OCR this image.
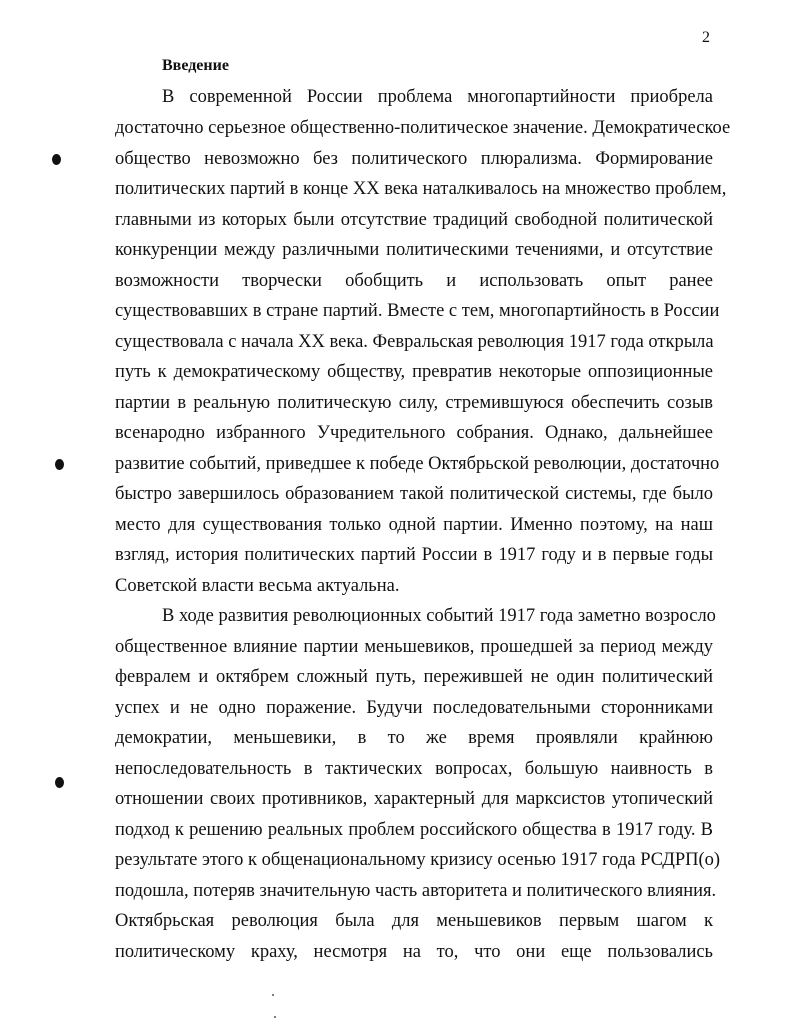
2
Введение
В современной России проблема многопартийности приобрела
достаточно серьезное общественно-политическое значение. Демократическое
общество невозможно без политического плюрализма. Формирование
политических партий в конце XX века наталкивалось на множество проблем,
главными из которых были отсутствие традиций свободной политической
конкуренции между различными политическими течениями, и отсутствие
возможности творчески обобщить и использовать опыт ранее
существовавших в стране партий. Вместе с тем, многопартийность в России
существовала с начала XX века. Февральская революция 1917 года открыла
путь к демократическому обществу, превратив некоторые оппозиционные
партии в реальную политическую силу, стремившуюся обеспечить созыв
всенародно избранного Учредительного собрания. Однако, дальнейшее
развитие событий, приведшее к победе Октябрьской революции, достаточно
быстро завершилось образованием такой политической системы, где было
место для существования только одной партии. Именно поэтому, на наш
взгляд, история политических партий России в 1917 году и в первые годы
Советской власти весьма актуальна.
В ходе развития революционных событий 1917 года заметно возросло
общественное влияние партии меньшевиков, прошедшей за период между
февралем и октябрем сложный путь, пережившей не один политический
успех и не одно поражение. Будучи последовательными сторонниками
демократии, меньшевики, в то же время проявляли крайнюю
непоследовательность в тактических вопросах, большую наивность в
отношении своих противников, характерный для марксистов утопический
подход к решению реальных проблем российского общества в 1917 году. В
результате этого к общенациональному кризису осенью 1917 года РСДРП(о)
подошла, потеряв значительную часть авторитета и политического влияния.
Октябрьская революция была для меньшевиков первым шагом к
политическому краху, несмотря на то, что они еще пользовались
